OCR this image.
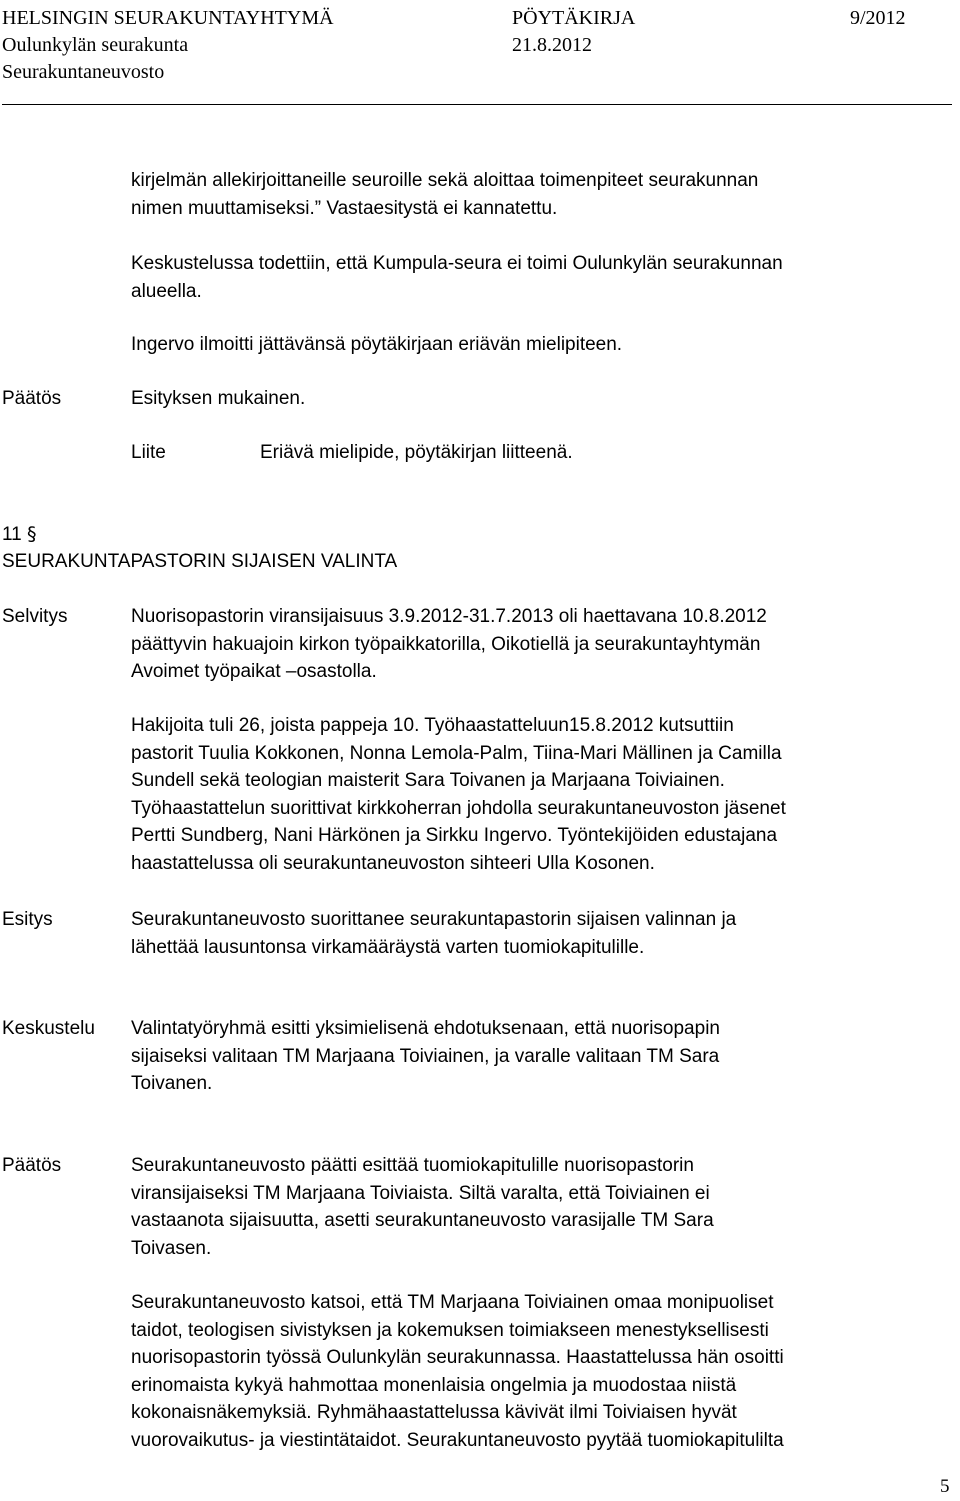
HELSINGIN SEURAKUNTAYHTYMÄ	PÖYTÄKIRJA	9/2012
Oulunkylän seurakunta	21.8.2012
Seurakuntaneuvosto
kirjelmän allekirjoittaneille seuroille sekä aloittaa toimenpiteet seurakunnan
nimen muuttamiseksi.” Vastaesitystä ei kannatettu.
Keskustelussa todettiin, että Kumpula-seura ei toimi Oulunkylän seurakunnan
alueella.
Ingervo ilmoitti jättävänsä pöytäkirjaan eriävän mielipiteen.
Päätös	Esityksen mukainen.
Liite	Eriävä mielipide, pöytäkirjan liitteenä.
11 §
SEURAKUNTAPASTORIN SIJAISEN VALINTA
Selvitys	Nuorisopastorin viransijaisuus 3.9.2012-31.7.2013 oli haettavana 10.8.2012
päättyvin hakuajoin kirkon työpaikkatorilla, Oikotiellä ja seurakuntayhtymän
Avoimet työpaikat –osastolla.
Hakijoita tuli 26, joista pappeja 10. Työhaastatteluun15.8.2012 kutsuttiin
pastorit Tuulia Kokkonen, Nonna Lemola-Palm, Tiina-Mari Mällinen ja Camilla
Sundell sekä teologian maisterit Sara Toivanen ja Marjaana Toiviainen.
Työhaastattelun suorittivat kirkkoherran johdolla seurakuntaneuvoston jäsenet
Pertti Sundberg, Nani Härkönen ja Sirkku Ingervo. Työntekijöiden edustajana
haastattelussa oli seurakuntaneuvoston sihteeri Ulla Kosonen.
Esitys	Seurakuntaneuvosto suorittanee seurakuntapastorin sijaisen valinnan ja
lähettää lausuntonsa virkamääräystä varten tuomiokapitulille.
Keskustelu Valintatyöryhmä esitti yksimielisenä ehdotuksenaan, että nuorisopapin
sijaiseksi valitaan TM Marjaana Toiviainen, ja varalle valitaan TM Sara
Toivanen.
Päätös	Seurakuntaneuvosto päätti esittää tuomiokapitulille nuorisopastorin
viransijaiseksi TM Marjaana Toiviaista. Siltä varalta, että Toiviainen ei
vastaanota sijaisuutta, asetti seurakuntaneuvosto varasijalle TM Sara
Toivasen.
Seurakuntaneuvosto katsoi, että TM Marjaana Toiviainen omaa monipuoliset
taidot, teologisen sivistyksen ja kokemuksen toimiakseen menestyksellisesti
nuorisopastorin työssä Oulunkylän seurakunnassa. Haastattelussa hän osoitti
erinomaista kykyä hahmottaa monenlaisia ongelmia ja muodostaa niistä
kokonaisnäkemyksiä. Ryhmähaastattelussa kävivät ilmi Toiviaisen hyvät
vuorovaikutus- ja viestintätaidot. Seurakuntaneuvosto pyytää tuomiokapitulilta
5
